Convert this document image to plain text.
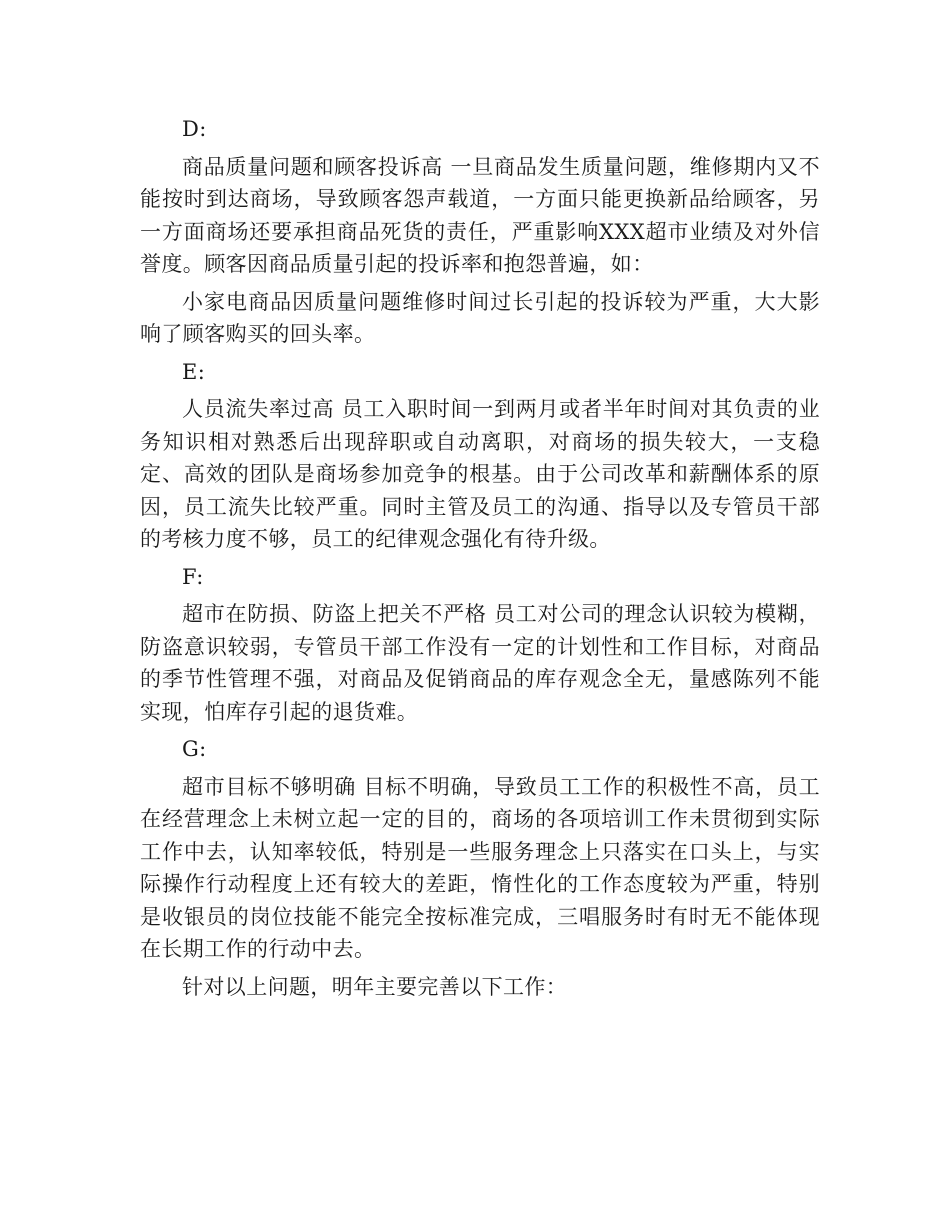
D:

商品质量问题和顾客投诉高 一旦商品发生质量问题，维修期内又不能按时到达商场，导致顾客怨声载道，一方面只能更换新品给顾客，另一方面商场还要承担商品死货的责任，严重影响XXX超市业绩及对外信誉度。顾客因商品质量引起的投诉率和抱怨普遍，如：

小家电商品因质量问题维修时间过长引起的投诉较为严重，大大影响了顾客购买的回头率。

E:

人员流失率过高 员工入职时间一到两月或者半年时间对其负责的业务知识相对熟悉后出现辞职或自动离职，对商场的损失较大，一支稳定、高效的团队是商场参加竞争的根基。由于公司改革和薪酬体系的原因，员工流失比较严重。同时主管及员工的沟通、指导以及专管员干部的考核力度不够，员工的纪律观念强化有待升级。

F:

超市在防损、防盗上把关不严格 员工对公司的理念认识较为模糊，防盗意识较弱，专管员干部工作没有一定的计划性和工作目标，对商品的季节性管理不强，对商品及促销商品的库存观念全无，量感陈列不能实现，怕库存引起的退货难。

G:

超市目标不够明确 目标不明确，导致员工工作的积极性不高，员工在经营理念上未树立起一定的目的，商场的各项培训工作未贯彻到实际工作中去，认知率较低，特别是一些服务理念上只落实在口头上，与实际操作行动程度上还有较大的差距，惰性化的工作态度较为严重，特别是收银员的岗位技能不能完全按标准完成，三唱服务时有时无不能体现在长期工作的行动中去。

针对以上问题，明年主要完善以下工作：
